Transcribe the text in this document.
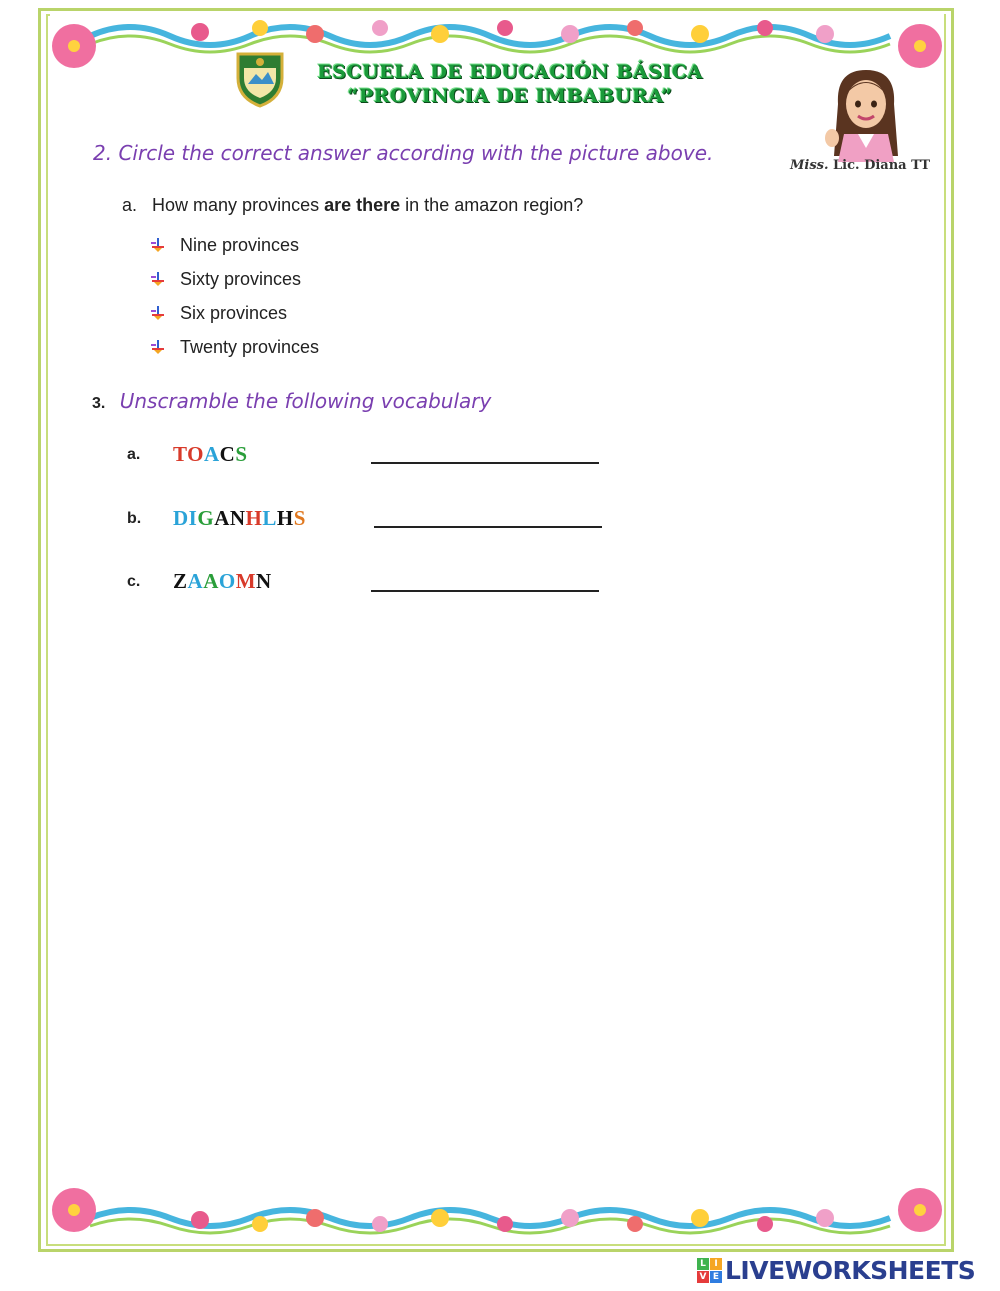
ESCUELA DE EDUCACIÓN BÁSICA
“PROVINCIA DE IMBABURA”
Miss. Lic. Diana TT
2. Circle the correct answer according with the picture above.
a. How many provinces are there in the amazon region?
Nine provinces
Sixty provinces
Six provinces
Twenty provinces
3. Unscramble the following vocabulary
a.	TOACS
b.	DIGANHLHS
c.	ZAAOMN
L I
V E LIVEWORKSHEETS
